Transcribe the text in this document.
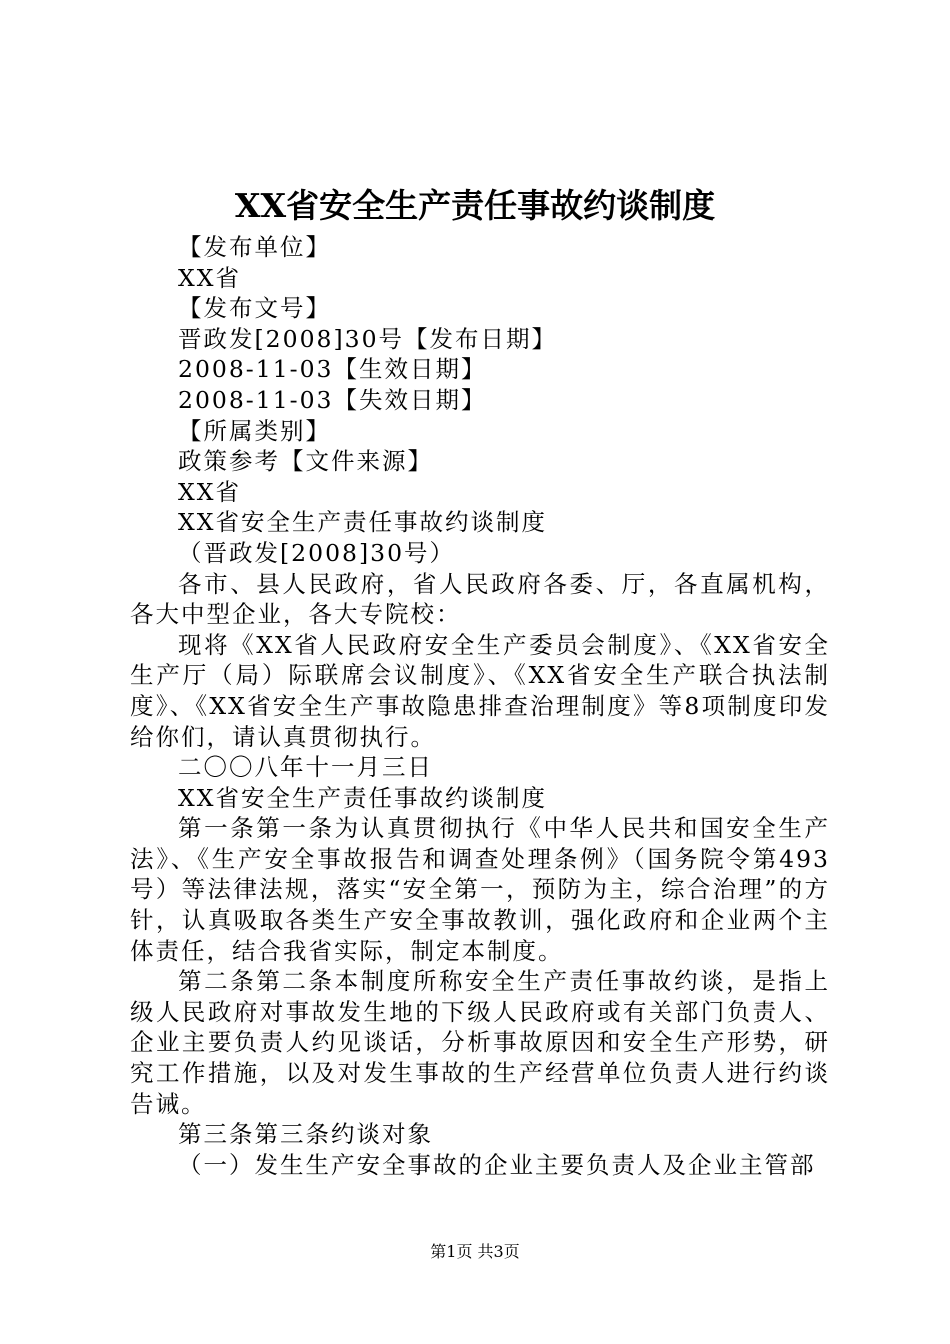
XX省安全生产责任事故约谈制度
【发布单位】
XX省
【发布文号】
晋政发[2008]30号【发布日期】
2008-11-03【生效日期】
2008-11-03【失效日期】
【所属类别】
政策参考【文件来源】
XX省
XX省安全生产责任事故约谈制度
（晋政发[2008]30号）
各市、县人民政府，省人民政府各委、厅，各直属机构，各大中型企业，各大专院校：
现将《XX省人民政府安全生产委员会制度》、《XX省安全生产厅（局）际联席会议制度》、《XX省安全生产联合执法制度》、《XX省安全生产事故隐患排查治理制度》等8项制度印发给你们，请认真贯彻执行。
二〇〇八年十一月三日
XX省安全生产责任事故约谈制度
第一条第一条为认真贯彻执行《中华人民共和国安全生产法》、《生产安全事故报告和调查处理条例》（国务院令第493号）等法律法规，落实“安全第一，预防为主，综合治理”的方针，认真吸取各类生产安全事故教训，强化政府和企业两个主体责任，结合我省实际，制定本制度。
第二条第二条本制度所称安全生产责任事故约谈，是指上级人民政府对事故发生地的下级人民政府或有关部门负责人、企业主要负责人约见谈话，分析事故原因和安全生产形势，研究工作措施，以及对发生事故的生产经营单位负责人进行约谈告诫。
第三条第三条约谈对象
（一）发生生产安全事故的企业主要负责人及企业主管部
第1页 共3页
